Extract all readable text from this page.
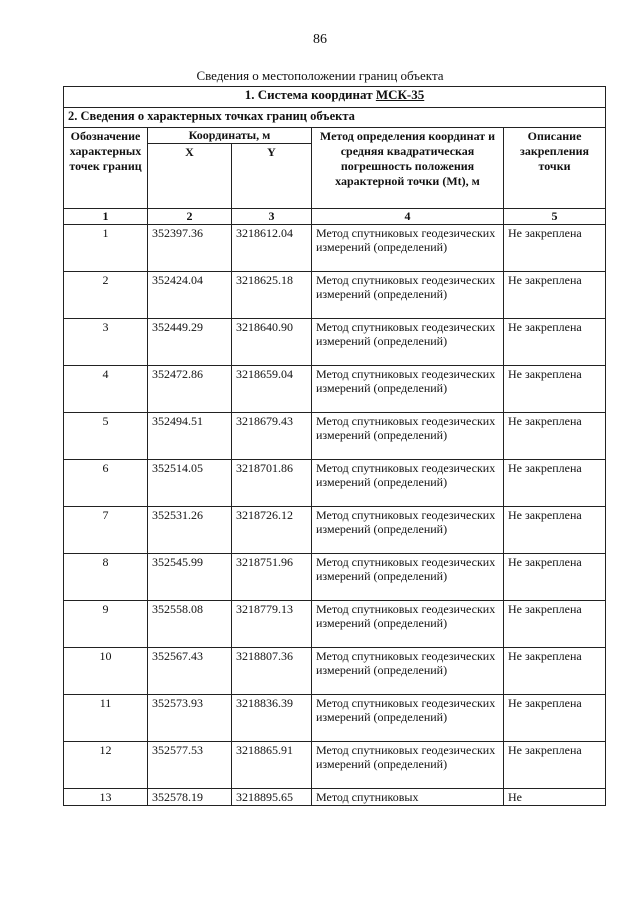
86
Сведения о местоположении границ объекта
1. Система координат МСК-35				
2. Сведения о характерных точках границ объекта				
Обозначение характерных точек границ	Координаты, м		Метод определения координат и средняя квадратическая погрешность положения характерной точки (Mt), м	Описание закрепления точки
	X	Y		
1	2	3	4	5
1	352397.36	3218612.04	Метод спутниковых геодезических измерений (определений)	Не закреплена
2	352424.04	3218625.18	Метод спутниковых геодезических измерений (определений)	Не закреплена
3	352449.29	3218640.90	Метод спутниковых геодезических измерений (определений)	Не закреплена
4	352472.86	3218659.04	Метод спутниковых геодезических измерений (определений)	Не закреплена
5	352494.51	3218679.43	Метод спутниковых геодезических измерений (определений)	Не закреплена
6	352514.05	3218701.86	Метод спутниковых геодезических измерений (определений)	Не закреплена
7	352531.26	3218726.12	Метод спутниковых геодезических измерений (определений)	Не закреплена
8	352545.99	3218751.96	Метод спутниковых геодезических измерений (определений)	Не закреплена
9	352558.08	3218779.13	Метод спутниковых геодезических измерений (определений)	Не закреплена
10	352567.43	3218807.36	Метод спутниковых геодезических измерений (определений)	Не закреплена
11	352573.93	3218836.39	Метод спутниковых геодезических измерений (определений)	Не закреплена
12	352577.53	3218865.91	Метод спутниковых геодезических измерений (определений)	Не закреплена
13	352578.19	3218895.65	Метод спутниковых	Не
